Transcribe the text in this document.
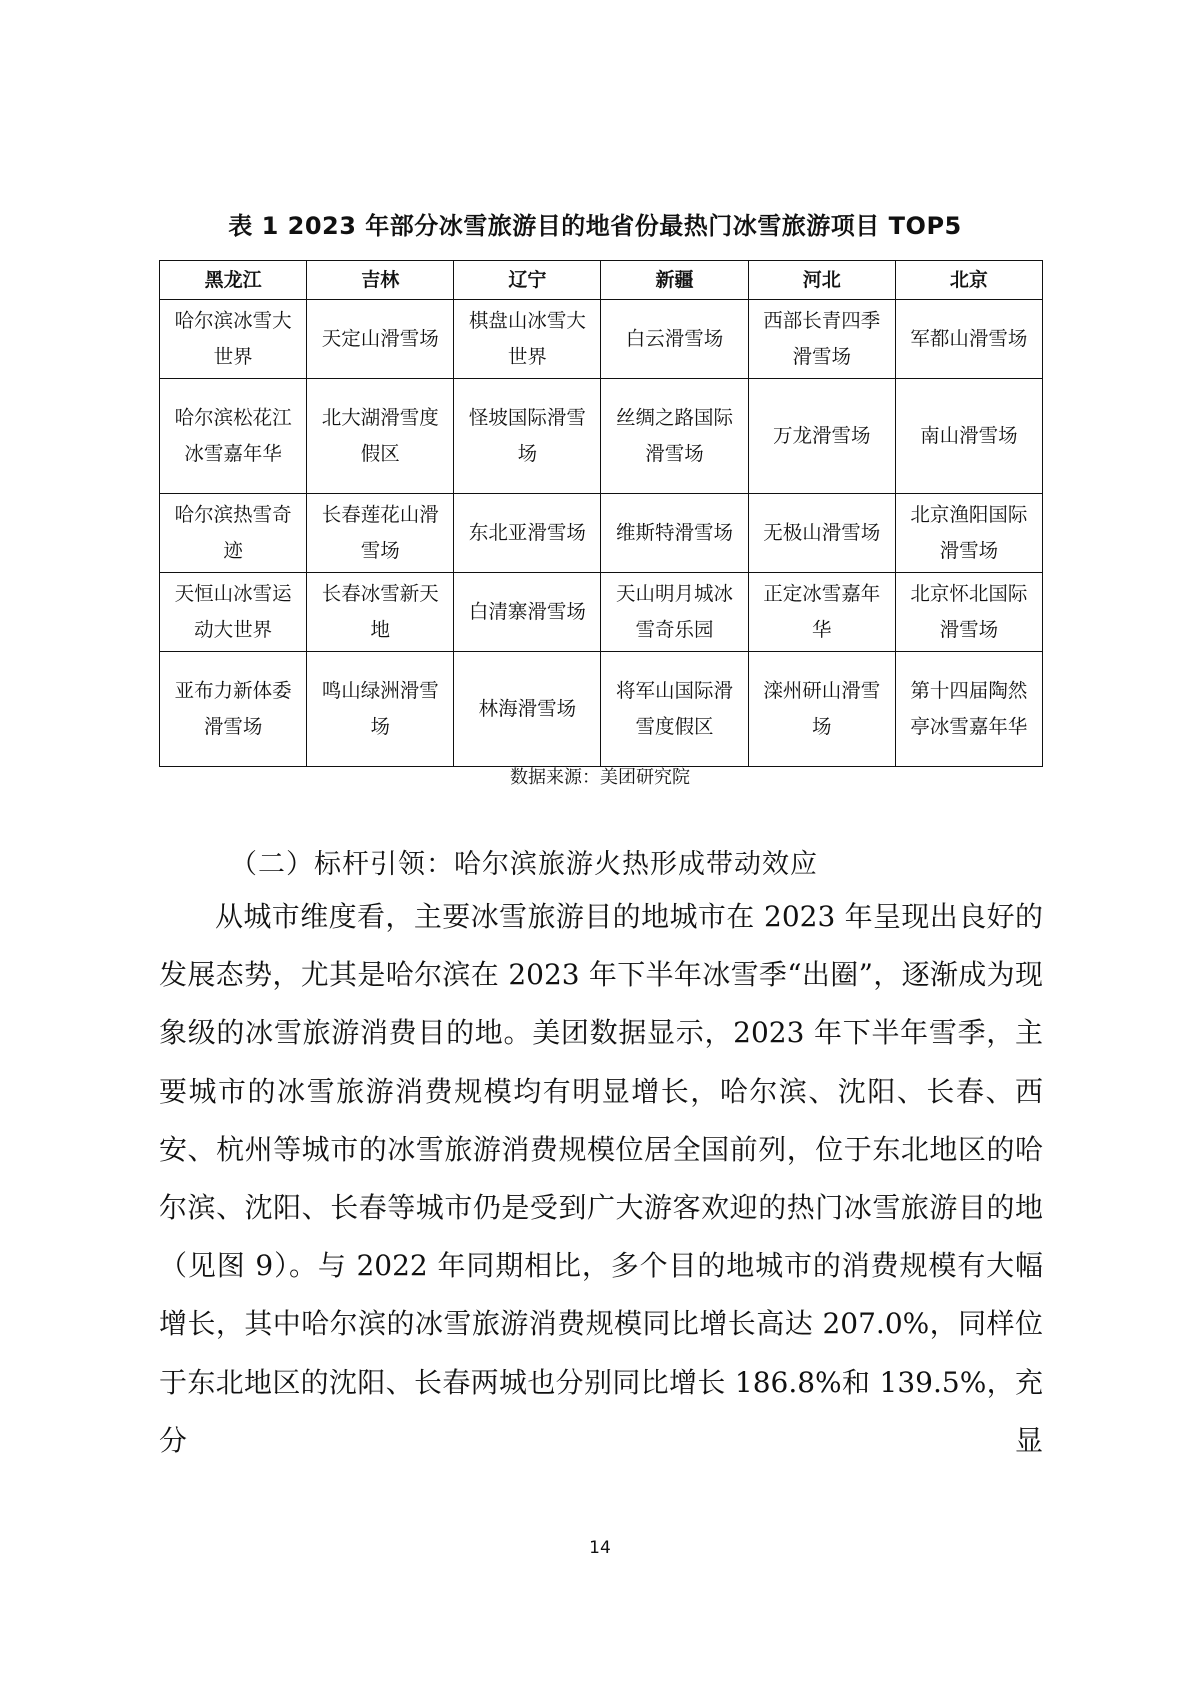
表 1 2023 年部分冰雪旅游目的地省份最热门冰雪旅游项目 TOP5
黑龙江	吉林	辽宁	新疆	河北	北京
哈尔滨冰雪大世界	天定山滑雪场	棋盘山冰雪大世界	白云滑雪场	西部长青四季滑雪场	军都山滑雪场
哈尔滨松花江冰雪嘉年华	北大湖滑雪度假区	怪坡国际滑雪场	丝绸之路国际滑雪场	万龙滑雪场	南山滑雪场
哈尔滨热雪奇迹	长春莲花山滑雪场	东北亚滑雪场	维斯特滑雪场	无极山滑雪场	北京渔阳国际滑雪场
天恒山冰雪运动大世界	长春冰雪新天地	白清寨滑雪场	天山明月城冰雪奇乐园	正定冰雪嘉年华	北京怀北国际滑雪场
亚布力新体委滑雪场	鸣山绿洲滑雪场	林海滑雪场	将军山国际滑雪度假区	滦州研山滑雪场	第十四届陶然亭冰雪嘉年华
数据来源：美团研究院
（二）标杆引领：哈尔滨旅游火热形成带动效应

从城市维度看，主要冰雪旅游目的地城市在 2023 年呈现出良好的发展态势，尤其是哈尔滨在 2023 年下半年冰雪季“出圈”，逐渐成为现象级的冰雪旅游消费目的地。美团数据显示，2023 年下半年雪季，主要城市的冰雪旅游消费规模均有明显增长，哈尔滨、沈阳、长春、西安、杭州等城市的冰雪旅游消费规模位居全国前列，位于东北地区的哈尔滨、沈阳、长春等城市仍是受到广大游客欢迎的热门冰雪旅游目的地（见图 9）。与 2022 年同期相比，多个目的地城市的消费规模有大幅增长，其中哈尔滨的冰雪旅游消费规模同比增长高达 207.0%，同样位于东北地区的沈阳、长春两城也分别同比增长 186.8%和 139.5%，充分显

14
